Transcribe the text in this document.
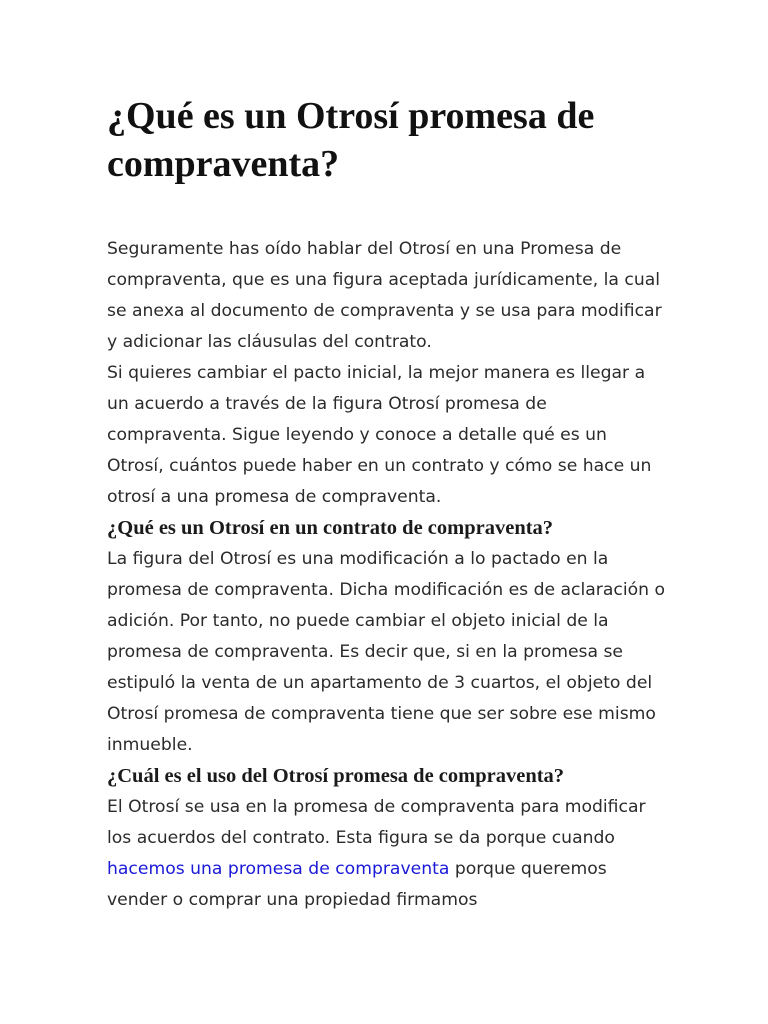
¿Qué es un Otrosí promesa de compraventa?

Seguramente has oído hablar del Otrosí en una Promesa de compraventa, que es una figura aceptada jurídicamente, la cual se anexa al documento de compraventa y se usa para modificar y adicionar las cláusulas del contrato.

Si quieres cambiar el pacto inicial, la mejor manera es llegar a un acuerdo a través de la figura Otrosí promesa de compraventa. Sigue leyendo y conoce a detalle qué es un Otrosí, cuántos puede haber en un contrato y cómo se hace un otrosí a una promesa de compraventa.

¿Qué es un Otrosí en un contrato de compraventa?

La figura del Otrosí es una modificación a lo pactado en la promesa de compraventa. Dicha modificación es de aclaración o adición. Por tanto, no puede cambiar el objeto inicial de la promesa de compraventa. Es decir que, si en la promesa se estipuló la venta de un apartamento de 3 cuartos, el objeto del Otrosí promesa de compraventa tiene que ser sobre ese mismo inmueble.

¿Cuál es el uso del Otrosí promesa de compraventa?

El Otrosí se usa en la promesa de compraventa para modificar los acuerdos del contrato. Esta figura se da porque cuando hacemos una promesa de compraventa porque queremos vender o comprar una propiedad firmamos
